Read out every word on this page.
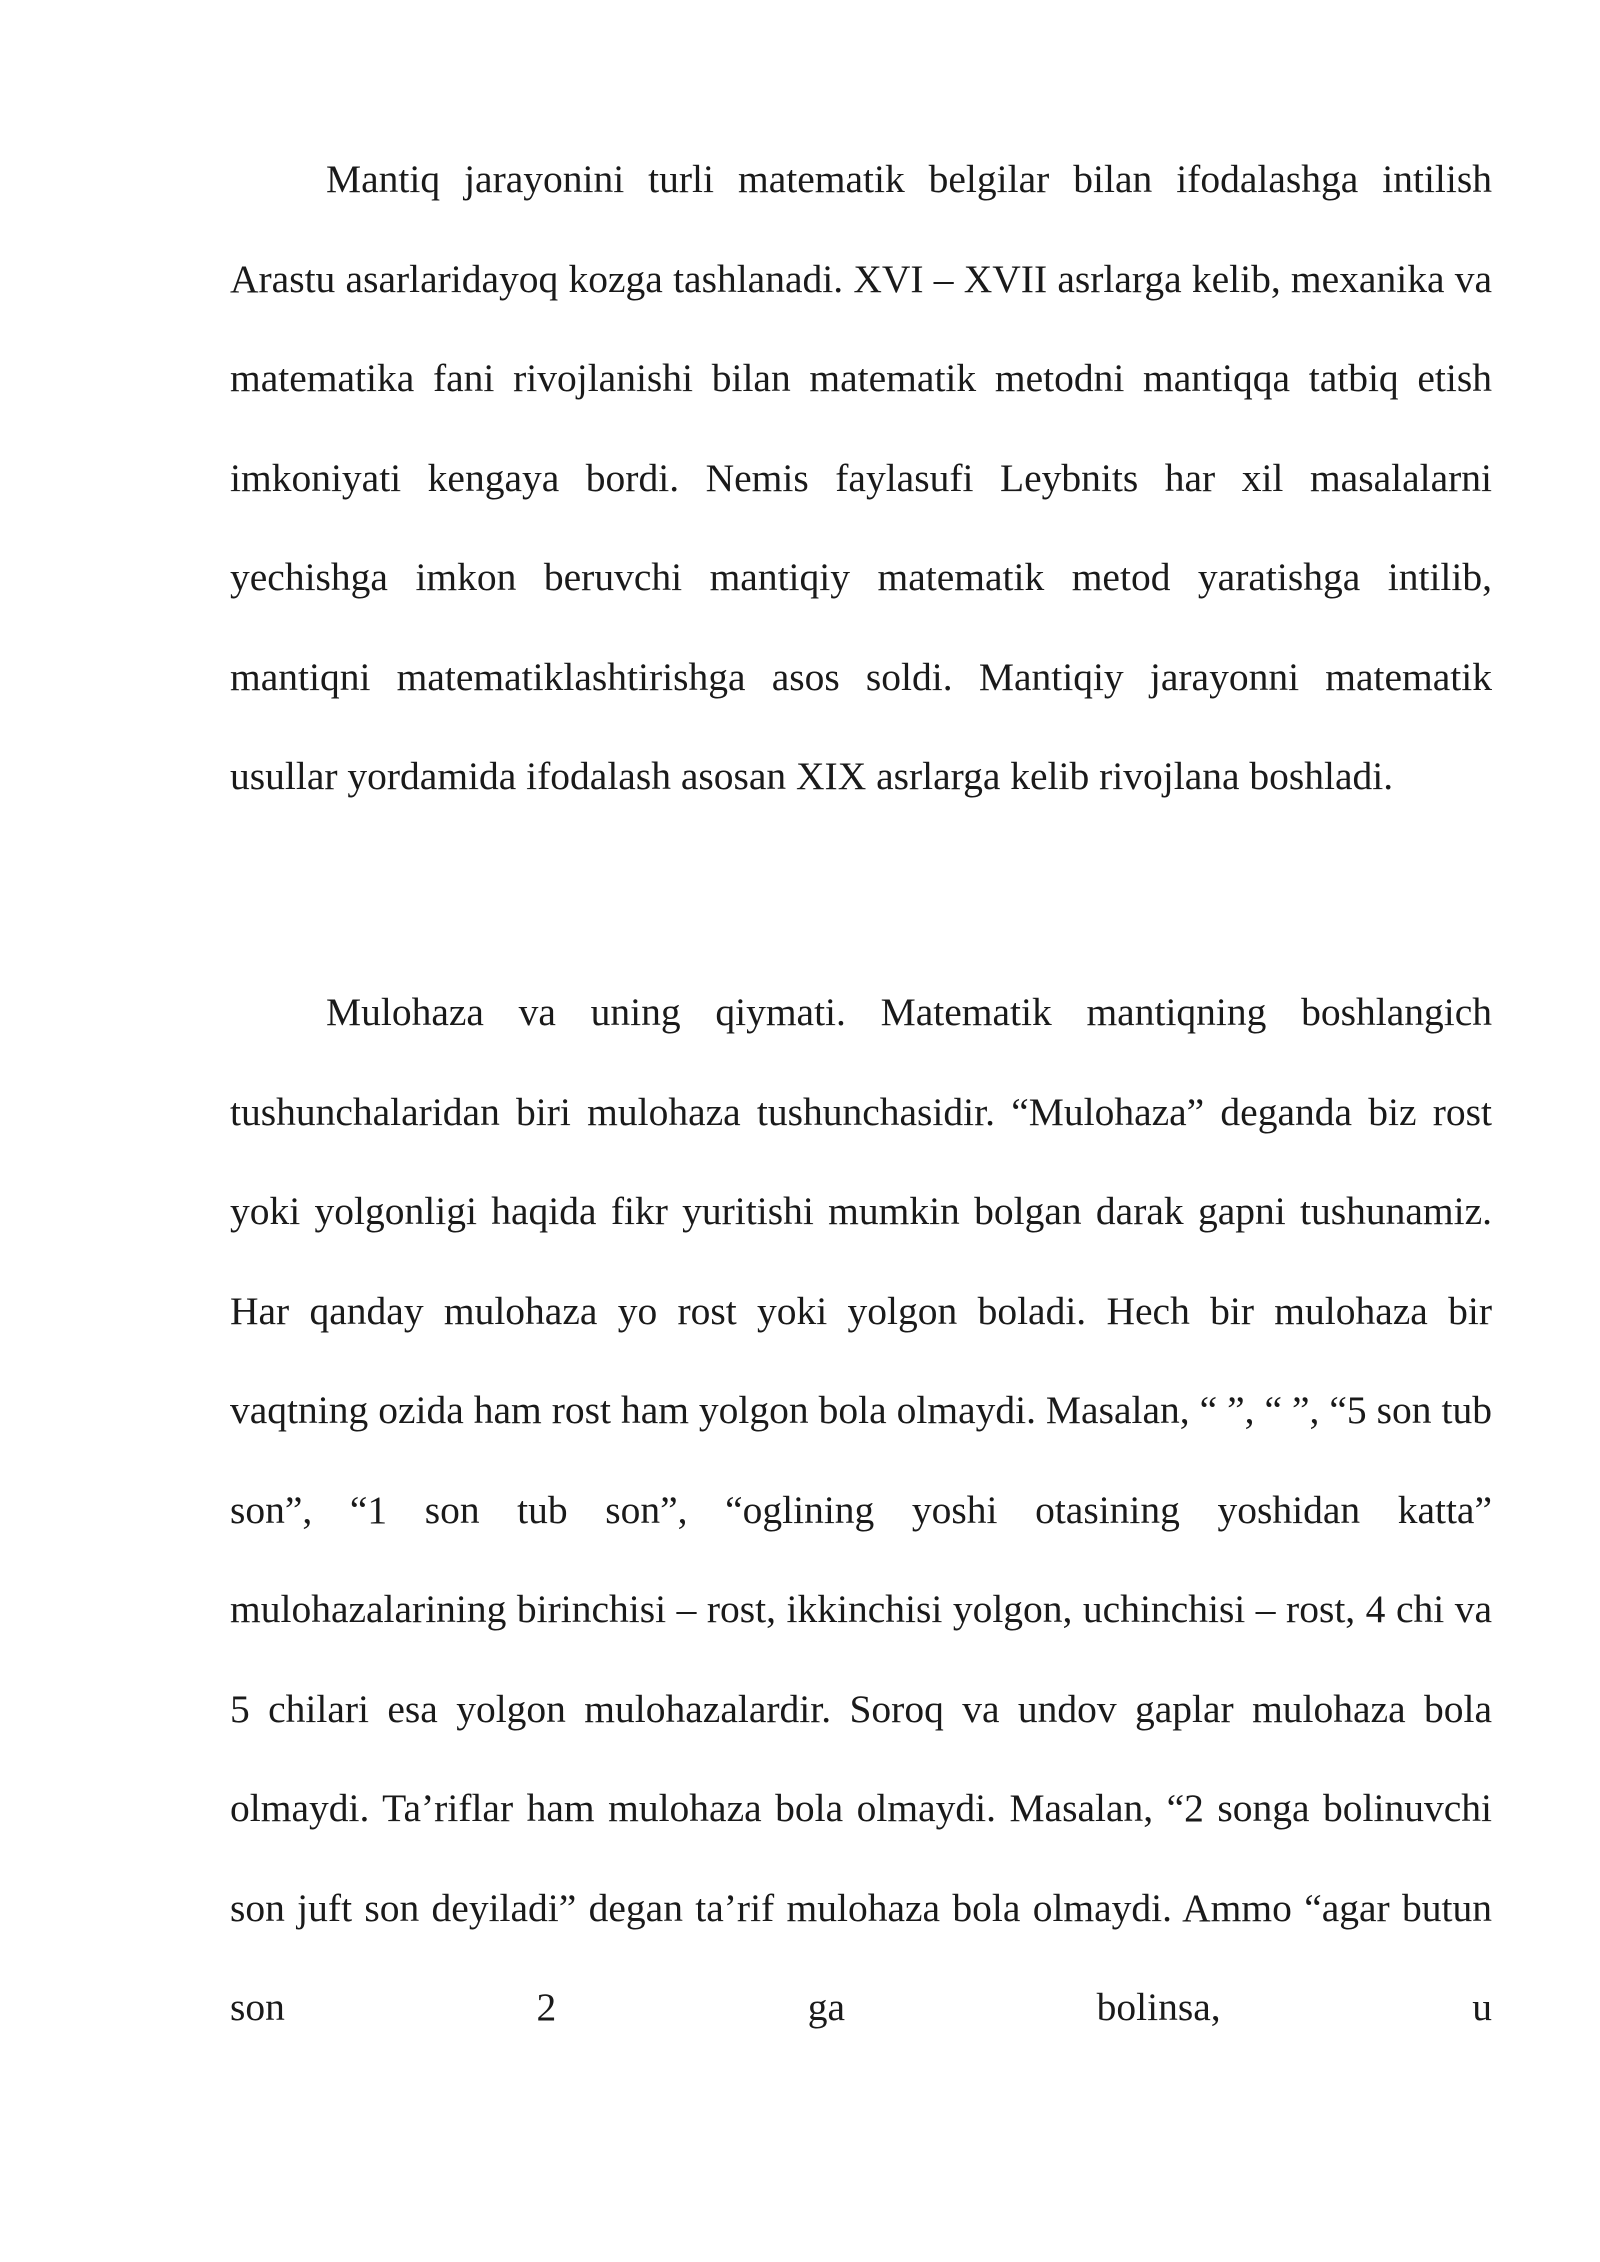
Mantiq jarayonini turli matematik belgilar bilan ifodalashga intilish Arastu asarlaridayoq kozga tashlanadi. XVI – XVII asrlarga kelib, mexanika va matematika fani rivojlanishi bilan matematik metodni mantiqqa tatbiq etish imkoniyati kengaya bordi. Nemis faylasufi Leybnits har xil masalalarni yechishga imkon beruvchi mantiqiy matematik metod yaratishga intilib, mantiqni matematiklashtirishga asos soldi. Mantiqiy jarayonni matematik usullar yordamida ifodalash asosan XIX asrlarga kelib rivojlana boshladi.

Mulohaza va uning qiymati. Matematik mantiqning boshlangich tushunchalaridan biri mulohaza tushunchasidir. “Mulohaza” deganda biz rost yoki yolgonligi haqida fikr yuritishi mumkin bolgan darak gapni tushunamiz. Har qanday mulohaza yo rost yoki yolgon boladi. Hech bir mulohaza bir vaqtning ozida ham rost ham yolgon bola olmaydi. Masalan, “ ”, “ ”, “5 son tub son”, “1 son tub son”, “oglining yoshi otasining yoshidan katta” mulohazalarining birinchisi – rost, ikkinchisi yolgon, uchinchisi – rost, 4 chi va 5 chilari esa yolgon mulohazalardir. Soroq va undov gaplar mulohaza bola olmaydi. Ta’riflar ham mulohaza bola olmaydi. Masalan, “2 songa bolinuvchi son juft son deyiladi” degan ta’rif mulohaza bola olmaydi. Ammo “agar butun son 2 ga bolinsa, u
